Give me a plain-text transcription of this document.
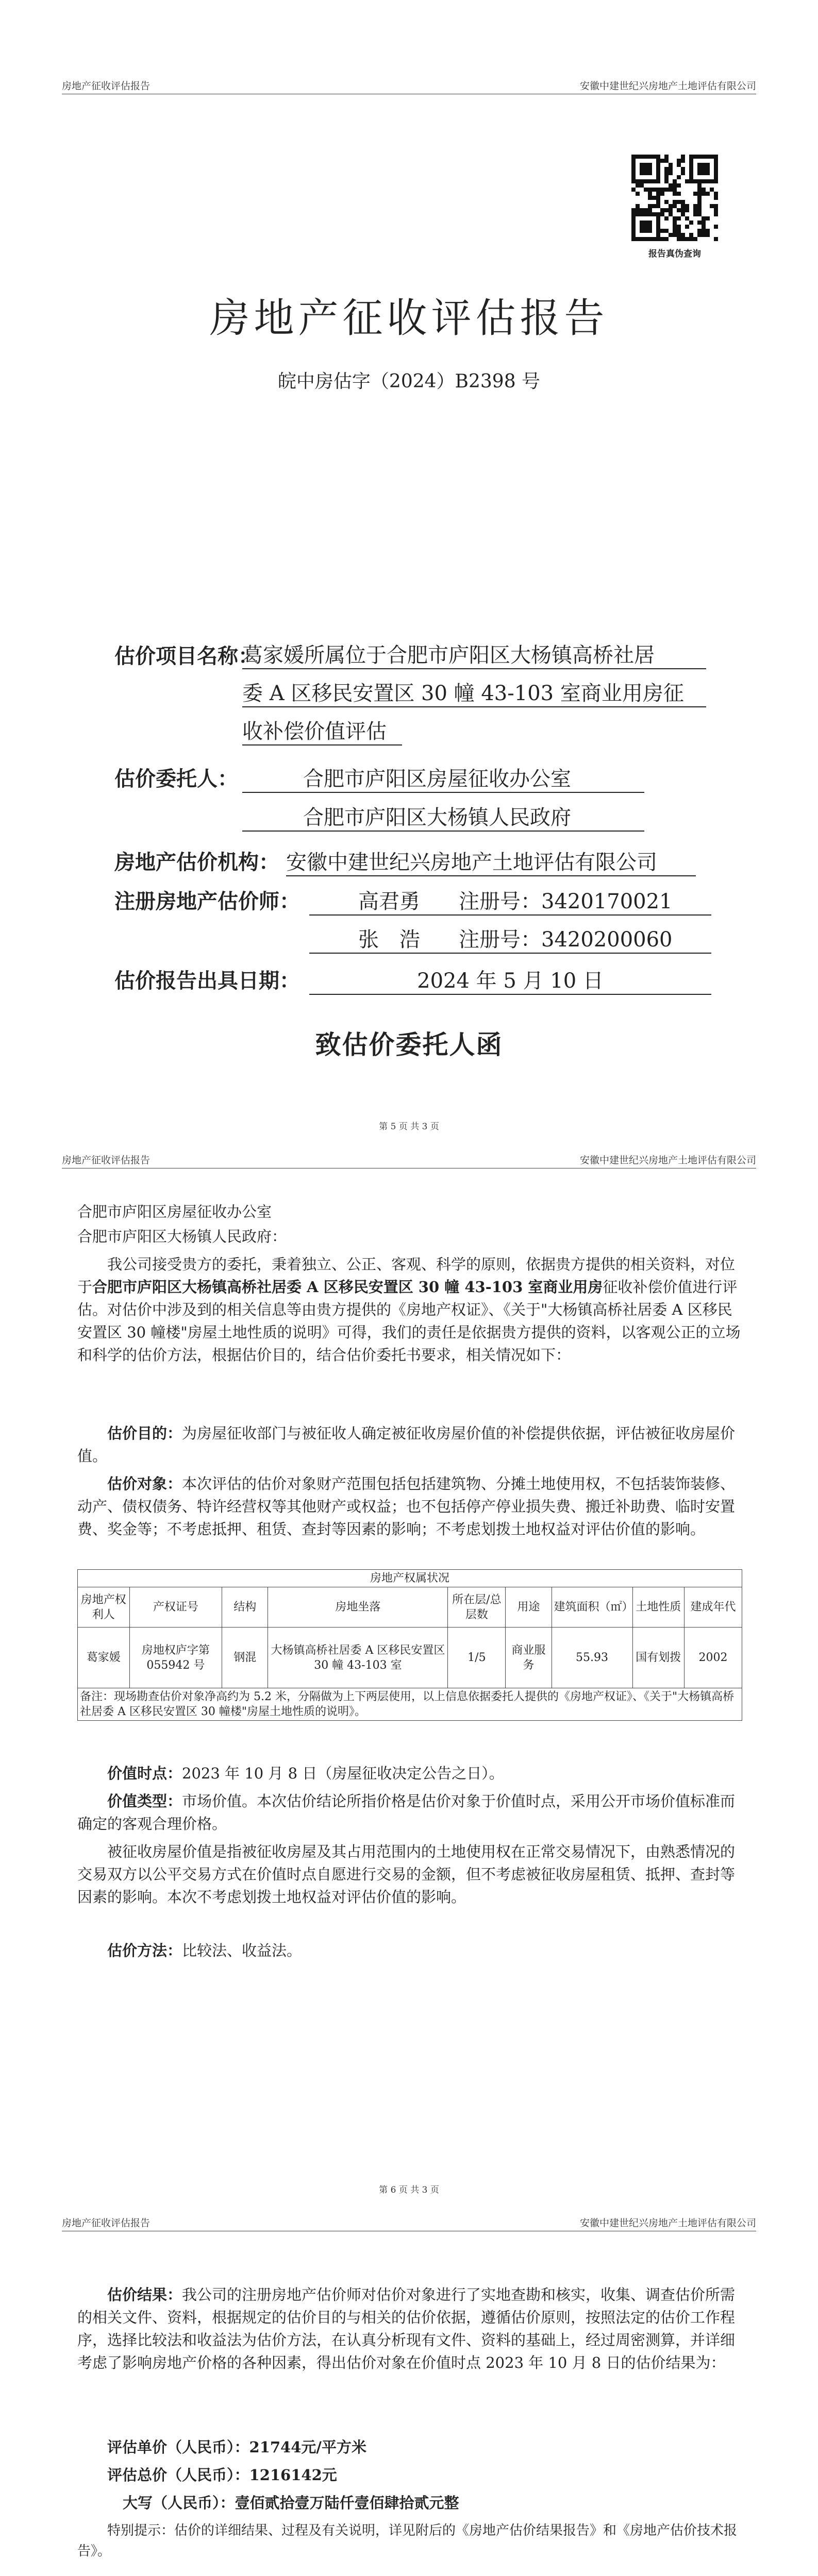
房地产征收评估报告	安徽中建世纪兴房地产土地评估有限公司
报告真伪查询
房地产征收评估报告
皖中房估字（2024）B2398 号
估价项目名称：
葛家媛所属位于合肥市庐阳区大杨镇高桥社居
委 A 区移民安置区 30 幢 43-103 室商业用房征
收补偿价值评估
估价委托人：	合肥市庐阳区房屋征收办公室
合肥市庐阳区大杨镇人民政府
房地产估价机构： 安徽中建世纪兴房地产土地评估有限公司
注册房地产估价师：	高君勇 注册号：3420170021
张　浩 注册号：3420200060
估价报告出具日期：	2024 年 5 月 10 日
致估价委托人函
第 5 页 共 3 页
房地产征收评估报告	安徽中建世纪兴房地产土地评估有限公司
合肥市庐阳区房屋征收办公室
合肥市庐阳区大杨镇人民政府：
我公司接受贵方的委托，秉着独立、公正、客观、科学的原则，依据贵方提供的相关资料，对位于合肥市庐阳区大杨镇高桥社居委 A 区移民安置区 30 幢 43-103 室商业用房征收补偿价值进行评估。对估价中涉及到的相关信息等由贵方提供的《房地产权证》、《关于"大杨镇高桥社居委 A 区移民安置区 30 幢楼"房屋土地性质的说明》可得，我们的责任是依据贵方提供的资料，以客观公正的立场和科学的估价方法，根据估价目的，结合估价委托书要求，相关情况如下：
估价目的：为房屋征收部门与被征收人确定被征收房屋价值的补偿提供依据，评估被征收房屋价值。
估价对象：本次评估的估价对象财产范围包括包括建筑物、分摊土地使用权，不包括装饰装修、动产、债权债务、特许经营权等其他财产或权益；也不包括停产停业损失费、搬迁补助费、临时安置费、奖金等；不考虑抵押、租赁、查封等因素的影响；不考虑划拨土地权益对评估价值的影响。
房地产权属状况								
房地产权利人	产权证号	结构	房地坐落	所在层/总层数	用途	建筑面积（㎡）	土地性质	建成年代
葛家媛	房地权庐字第 055942 号	钢混	大杨镇高桥社居委 A 区移民安置区 30 幢 43-103 室	1/5	商业服务	55.93	国有划拨	2002
备注：现场勘查估价对象净高约为 5.2 米，分隔做为上下两层使用，以上信息依据委托人提供的《房地产权证》、《关于"大杨镇高桥社居委 A 区移民安置区 30 幢楼"房屋土地性质的说明》。								
价值时点：2023 年 10 月 8 日（房屋征收决定公告之日）。
价值类型：市场价值。本次估价结论所指价格是估价对象于价值时点，采用公开市场价值标准而确定的客观合理价格。
被征收房屋价值是指被征收房屋及其占用范围内的土地使用权在正常交易情况下，由熟悉情况的交易双方以公平交易方式在价值时点自愿进行交易的金额，但不考虑被征收房屋租赁、抵押、查封等因素的影响。本次不考虑划拨土地权益对评估价值的影响。
估价方法：比较法、收益法。
第 6 页 共 3 页
房地产征收评估报告	安徽中建世纪兴房地产土地评估有限公司
估价结果：我公司的注册房地产估价师对估价对象进行了实地查勘和核实，收集、调查估价所需的相关文件、资料，根据规定的估价目的与相关的估价依据，遵循估价原则，按照法定的估价工作程序，选择比较法和收益法为估价方法，在认真分析现有文件、资料的基础上，经过周密测算，并详细考虑了影响房地产价格的各种因素，得出估价对象在价值时点 2023 年 10 月 8 日的估价结果为：
评估单价（人民币）：21744元/平方米
评估总价（人民币）：1216142元
大写（人民币）：壹佰贰拾壹万陆仟壹佰肆拾贰元整
特别提示：估价的详细结果、过程及有关说明，详见附后的《房地产估价结果报告》和《房地产估价技术报告》。
